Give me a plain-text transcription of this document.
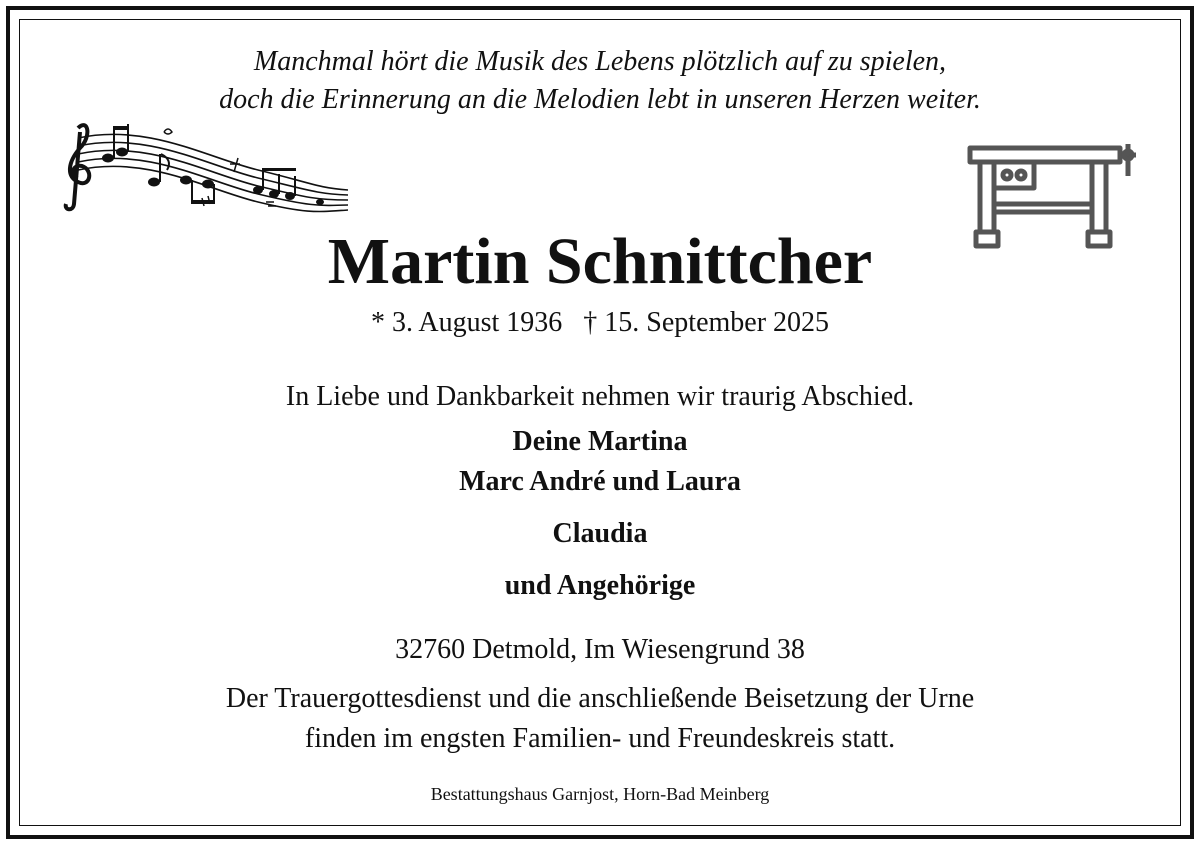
Manchmal hört die Musik des Lebens plötzlich auf zu spielen,
doch die Erinnerung an die Melodien lebt in unseren Herzen weiter.
Martin Schnittcher
* 3. August 1936   † 15. September 2025
In Liebe und Dankbarkeit nehmen wir traurig Abschied.
Deine Martina
Marc André und Laura
Claudia
und Angehörige
32760 Detmold, Im Wiesengrund 38
Der Trauergottesdienst und die anschließende Beisetzung der Urne
finden im engsten Familien- und Freundeskreis statt.
Bestattungshaus Garnjost, Horn-Bad Meinberg
